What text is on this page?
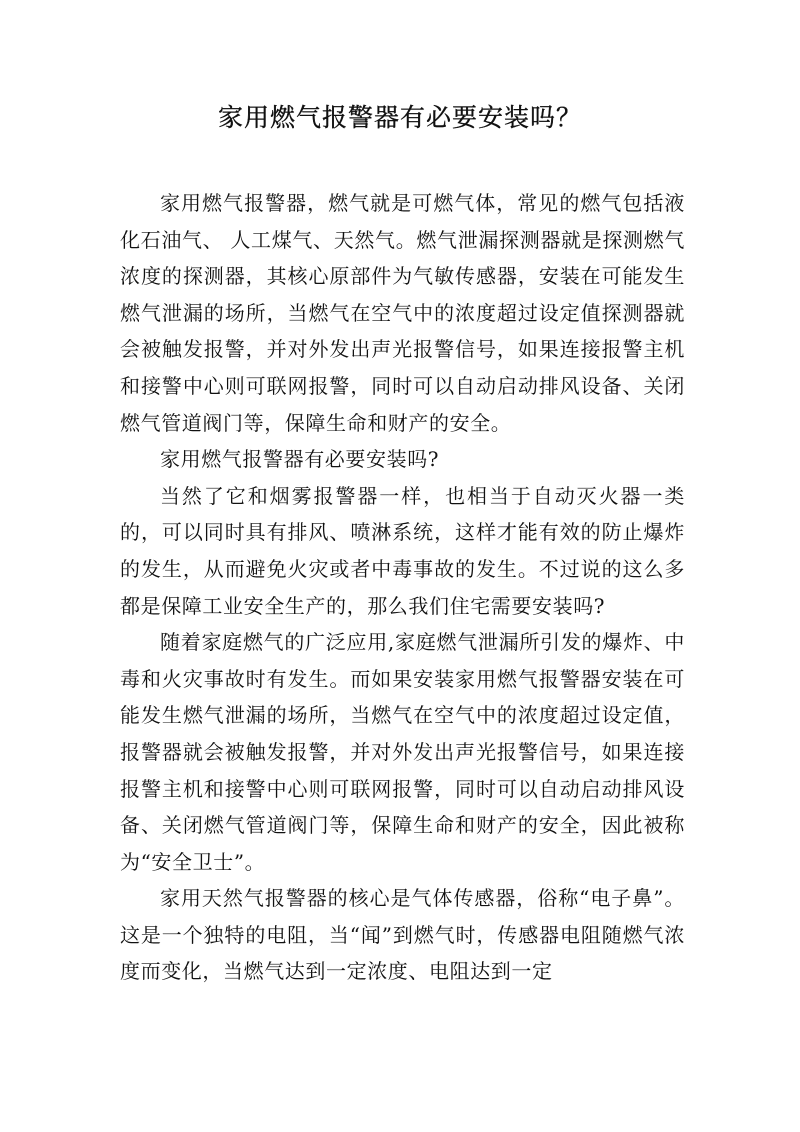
家用燃气报警器有必要安装吗？

家用燃气报警器，燃气就是可燃气体，常见的燃气包括液化石油气、 人工煤气、天然气。燃气泄漏探测器就是探测燃气浓度的探测器，其核心原部件为气敏传感器，安装在可能发生燃气泄漏的场所，当燃气在空气中的浓度超过设定值探测器就会被触发报警，并对外发出声光报警信号，如果连接报警主机和接警中心则可联网报警，同时可以自动启动排风设备、关闭燃气管道阀门等，保障生命和财产的安全。

家用燃气报警器有必要安装吗?

当然了它和烟雾报警器一样，也相当于自动灭火器一类的，可以同时具有排风、喷淋系统，这样才能有效的防止爆炸的发生，从而避免火灾或者中毒事故的发生。不过说的这么多都是保障工业安全生产的，那么我们住宅需要安装吗?

随着家庭燃气的广泛应用,家庭燃气泄漏所引发的爆炸、中毒和火灾事故时有发生。而如果安装家用燃气报警器安装在可能发生燃气泄漏的场所，当燃气在空气中的浓度超过设定值，报警器就会被触发报警，并对外发出声光报警信号，如果连接报警主机和接警中心则可联网报警，同时可以自动启动排风设备、关闭燃气管道阀门等，保障生命和财产的安全，因此被称为“安全卫士”。

家用天然气报警器的核心是气体传感器，俗称“电子鼻”。这是一个独特的电阻，当“闻”到燃气时，传感器电阻随燃气浓度而变化，当燃气达到一定浓度、电阻达到一定
